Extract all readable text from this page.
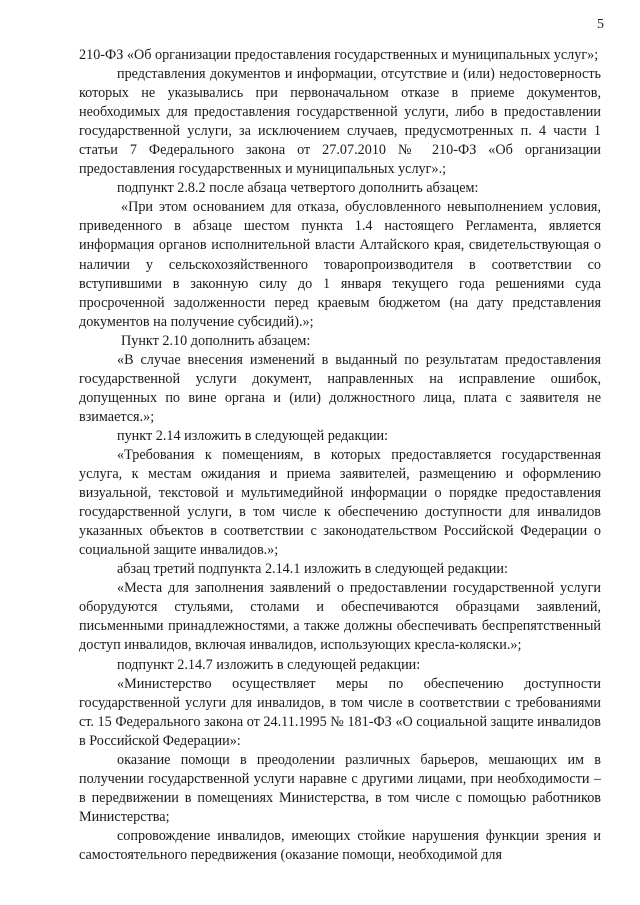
5

210-ФЗ «Об организации предоставления государственных и муниципальных услуг»;

представления документов и информации, отсутствие и (или) недостоверность которых не указывались при первоначальном отказе в приеме документов, необходимых для предоставления государственной услуги, либо в предоставлении государственной услуги, за исключением случаев, предусмотренных п. 4 части 1 статьи 7 Федерального закона от 27.07.2010 № 210-ФЗ «Об организации предоставления государственных и муниципальных услуг».;

подпункт 2.8.2 после абзаца четвертого дополнить абзацем:

«При этом основанием для отказа, обусловленного невыполнением условия, приведенного в абзаце шестом пункта 1.4 настоящего Регламента, является информация органов исполнительной власти Алтайского края, свидетельствующая о наличии у сельскохозяйственного товаропроизводителя в соответствии со вступившими в законную силу до 1 января текущего года решениями суда просроченной задолженности перед краевым бюджетом (на дату представления документов на получение субсидий).»;

Пункт 2.10 дополнить абзацем:

«В случае внесения изменений в выданный по результатам предоставления государственной услуги документ, направленных на исправление ошибок, допущенных по вине органа и (или) должностного лица, плата с заявителя не взимается.»;

пункт 2.14 изложить в следующей редакции:

«Требования к помещениям, в которых предоставляется государственная услуга, к местам ожидания и приема заявителей, размещению и оформлению визуальной, текстовой и мультимедийной информации о порядке предоставления государственной услуги, в том числе к обеспечению доступности для инвалидов указанных объектов в соответствии с законодательством Российской Федерации о социальной защите инвалидов.»;

абзац третий подпункта 2.14.1 изложить в следующей редакции:

«Места для заполнения заявлений о предоставлении государственной услуги оборудуются стульями, столами и обеспечиваются образцами заявлений, письменными принадлежностями, а также должны обеспечивать беспрепятственный доступ инвалидов, включая инвалидов, использующих кресла-коляски.»;

подпункт 2.14.7 изложить в следующей редакции:

«Министерство осуществляет меры по обеспечению доступности государственной услуги для инвалидов, в том числе в соответствии с требованиями ст. 15 Федерального закона от 24.11.1995 № 181-ФЗ «О социальной защите инвалидов в Российской Федерации»:

оказание помощи в преодолении различных барьеров, мешающих им в получении государственной услуги наравне с другими лицами, при необходимости – в передвижении в помещениях Министерства, в том числе с помощью работников Министерства;

сопровождение инвалидов, имеющих стойкие нарушения функции зрения и самостоятельного передвижения (оказание помощи, необходимой для
